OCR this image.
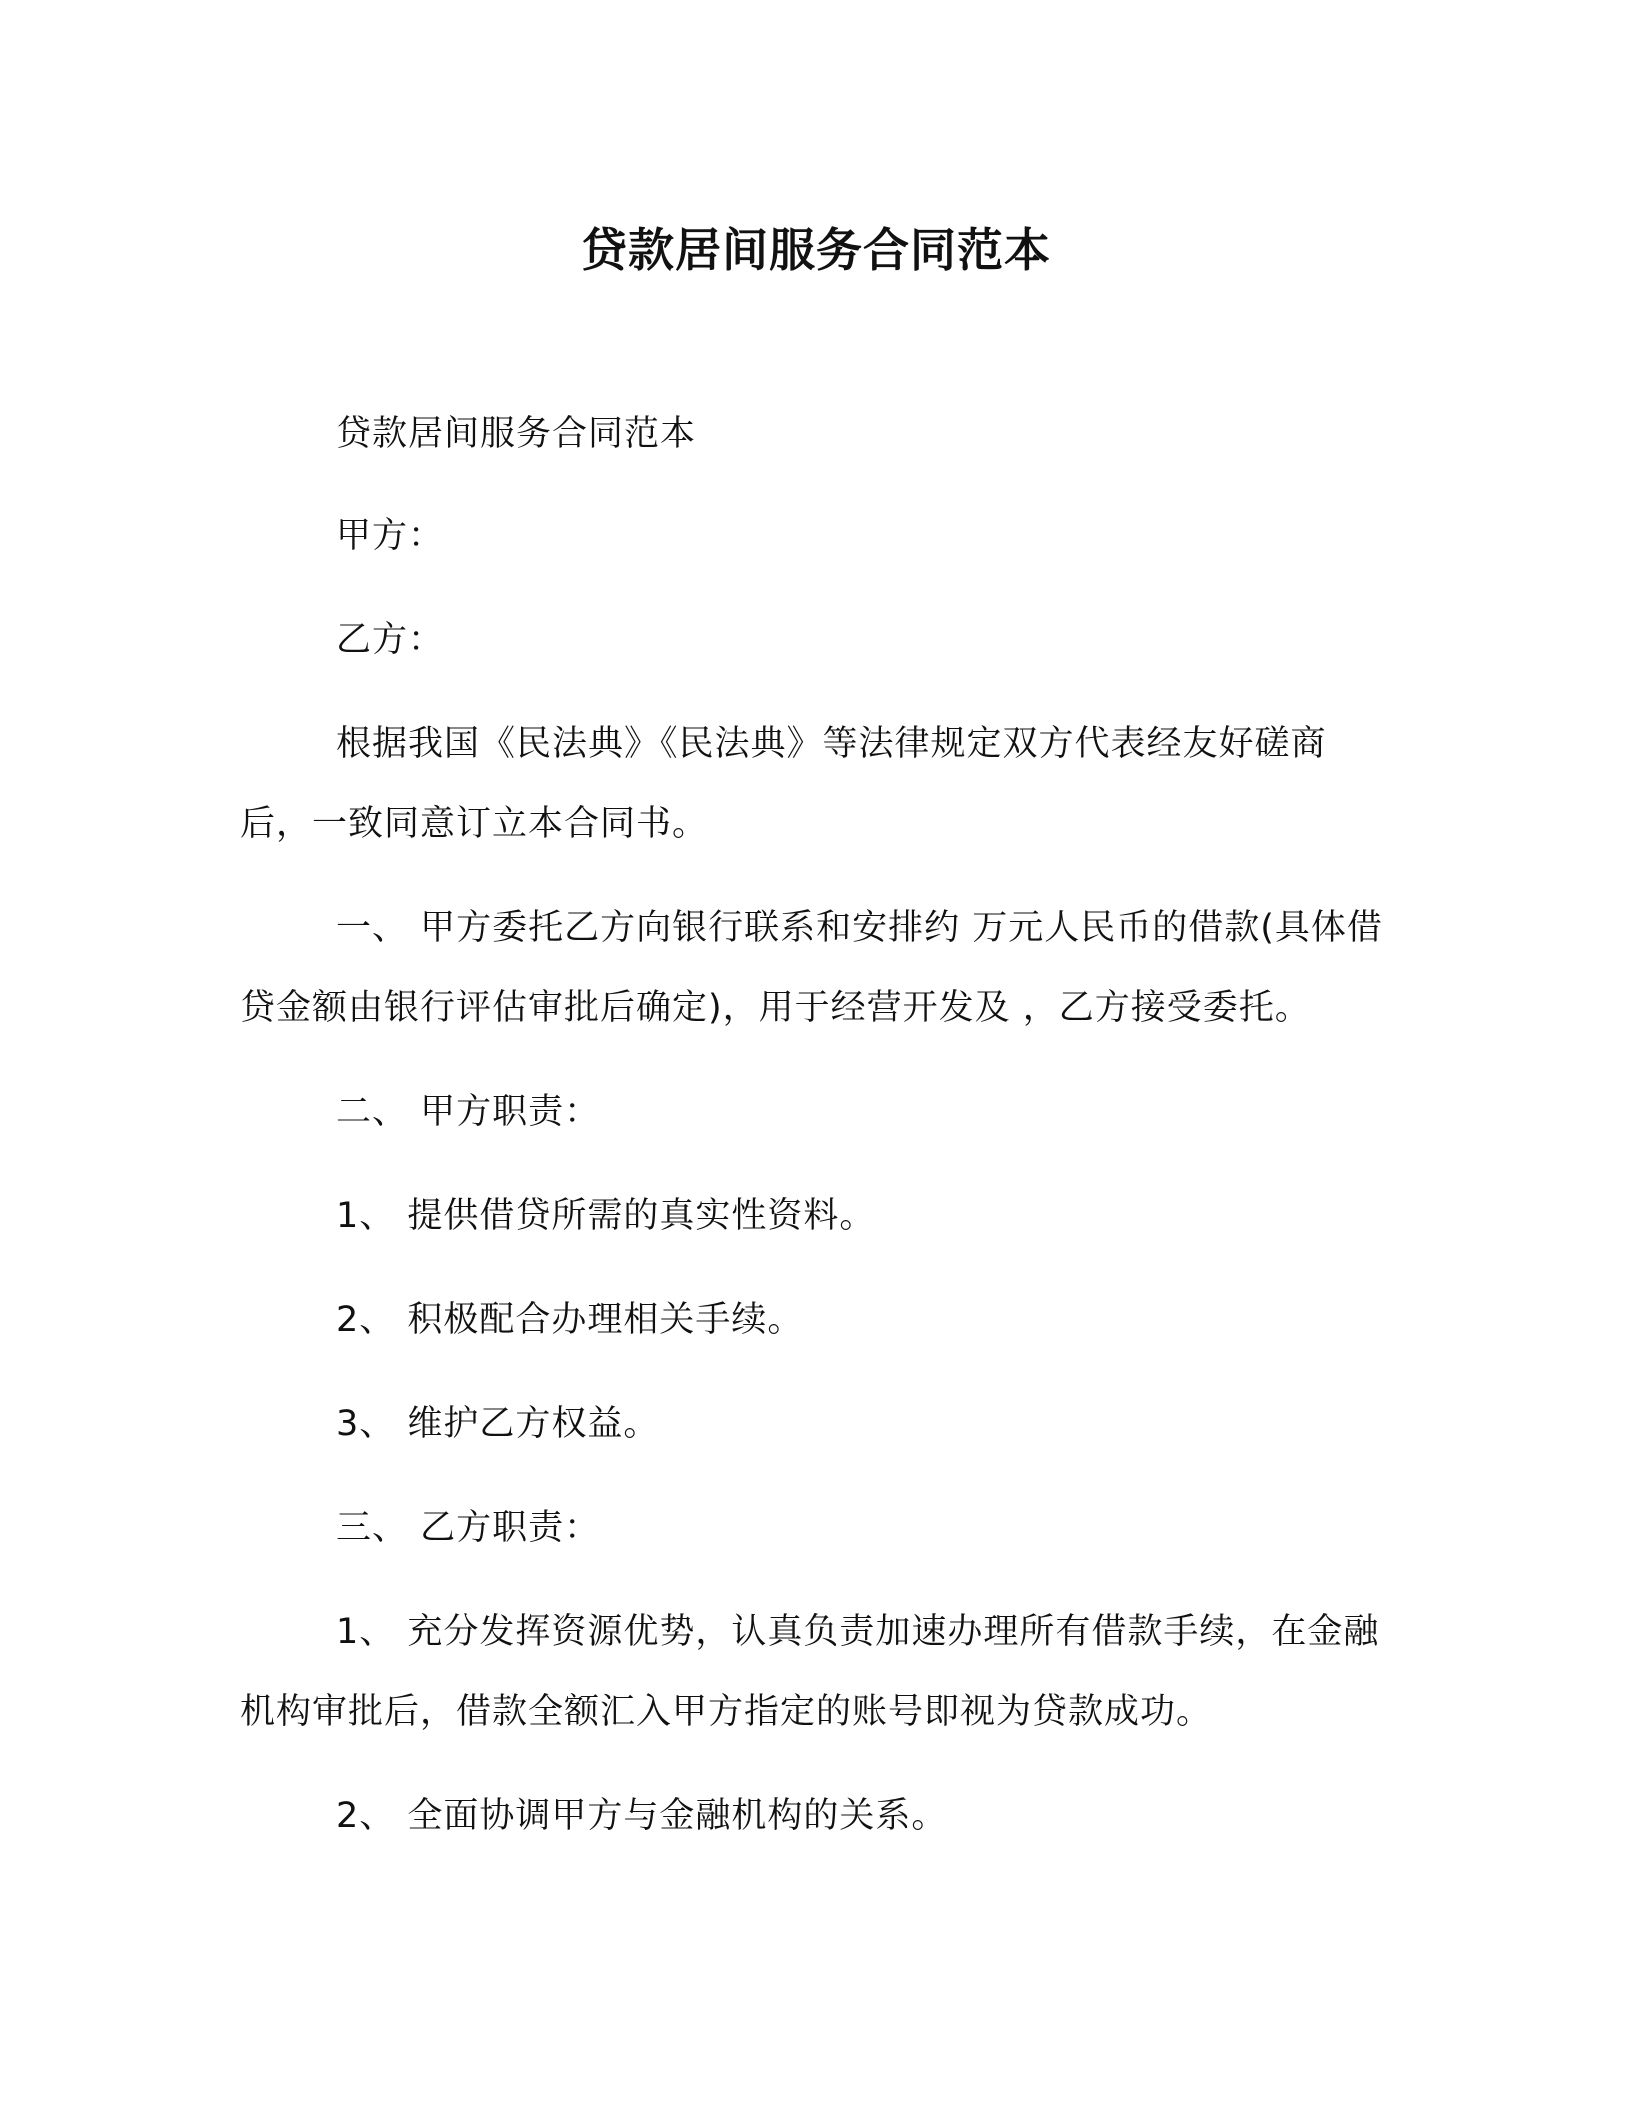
贷款居间服务合同范本
贷款居间服务合同范本
甲方：
乙方：
根据我国《民法典》《民法典》等法律规定双方代表经友好磋商后，一致同意订立本合同书。
一、 甲方委托乙方向银行联系和安排约 万元人民币的借款(具体借贷金额由银行评估审批后确定)，用于经营开发及 ，乙方接受委托。
二、 甲方职责：
1、 提供借贷所需的真实性资料。
2、 积极配合办理相关手续。
3、 维护乙方权益。
三、 乙方职责：
1、 充分发挥资源优势，认真负责加速办理所有借款手续，在金融机构审批后，借款全额汇入甲方指定的账号即视为贷款成功。
2、 全面协调甲方与金融机构的关系。
